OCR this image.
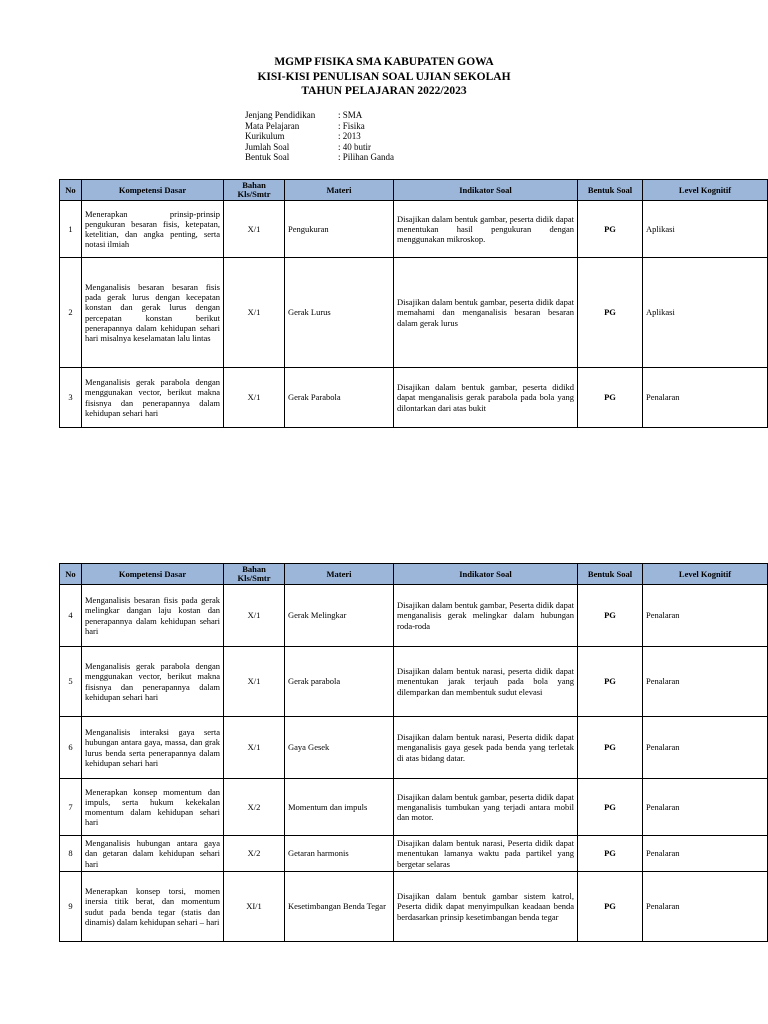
MGMP FISIKA SMA KABUPATEN GOWA
KISI-KISI PENULISAN SOAL UJIAN SEKOLAH
TAHUN PELAJARAN 2022/2023
Jenjang Pendidikan	: SMA
Mata Pelajaran	: Fisika
Kurikulum	: 2013
Jumlah Soal	: 40 butir
Bentuk Soal	: Pilihan Ganda
No	Kompetensi Dasar	Bahan Kls/Smtr	Materi	Indikator Soal	Bentuk Soal	Level Kognitif
1	Menerapkan prinsip-prinsip pengukuran besaran fisis, ketepatan, ketelitian, dan angka penting, serta notasi ilmiah	X/1	Pengukuran	Disajikan dalam bentuk gambar, peserta didik dapat menentukan hasil pengukuran dengan menggunakan mikroskop.	PG	Aplikasi
2	Menganalisis besaran besaran fisis pada gerak lurus dengan kecepatan konstan dan gerak lurus dengan percepatan konstan berikut penerapannya dalam kehidupan sehari hari misalnya keselamatan lalu lintas	X/1	Gerak Lurus	Disajikan dalam bentuk gambar, peserta didik dapat memahami dan menganalisis besaran besaran dalam gerak lurus	PG	Aplikasi
3	Menganalisis gerak parabola dengan menggunakan vector, berikut makna fisisnya dan penerapannya dalam kehidupan sehari hari	X/1	Gerak Parabola	Disajikan dalam bentuk gambar, peserta didikd dapat menganalisis gerak parabola pada bola yang dilontarkan dari atas bukit	PG	Penalaran
No	Kompetensi Dasar	Bahan Kls/Smtr	Materi	Indikator Soal	Bentuk Soal	Level Kognitif
4	Menganalisis besaran fisis pada gerak melingkar dangan laju kostan dan penerapannya dalam kehidupan sehari hari	X/1	Gerak Melingkar	Disajikan dalam bentuk gambar, Peserta didik dapat menganalisis gerak melingkar dalam hubungan roda-roda	PG	Penalaran
5	Menganalisis gerak parabola dengan menggunakan vector, berikut makna fisisnya dan penerapannya dalam kehidupan sehari hari	X/1	Gerak parabola	Disajikan dalam bentuk narasi, peserta didik dapat menentukan jarak terjauh pada bola yang dilemparkan dan membentuk sudut elevasi	PG	Penalaran
6	Menganalisis interaksi gaya serta hubungan antara gaya, massa, dan grak lurus benda serta penerapannya dalam kehidupan sehari hari	X/1	Gaya Gesek	Disajikan dalam bentuk narasi, Peserta didik dapat menganalisis gaya gesek pada benda yang terletak di atas bidang datar.	PG	Penalaran
7	Menerapkan konsep momentum dan impuls, serta hukum kekekalan momentum dalam kehidupan sehari hari	X/2	Momentum dan impuls	Disajikan dalam bentuk gambar, peserta didik dapat menganalisis tumbukan yang terjadi antara mobil dan motor.	PG	Penalaran
8	Menganalisis hubungan antara gaya dan getaran dalam kehidupan sehari hari	X/2	Getaran harmonis	Disajikan dalam bentuk narasi, Peserta didik dapat menentukan lamanya waktu pada partikel yang bergetar selaras	PG	Penalaran
9	Menerapkan konsep torsi, momen inersia titik berat, dan momentum sudut pada benda tegar (statis dan dinamis) dalam kehidupan sehari – hari	XI/1	Kesetimbangan Benda Tegar	Disajikan dalam bentuk gambar sistem katrol, Peserta didik dapat menyimpulkan keadaan benda berdasarkan prinsip kesetimbangan benda tegar	PG	Penalaran
